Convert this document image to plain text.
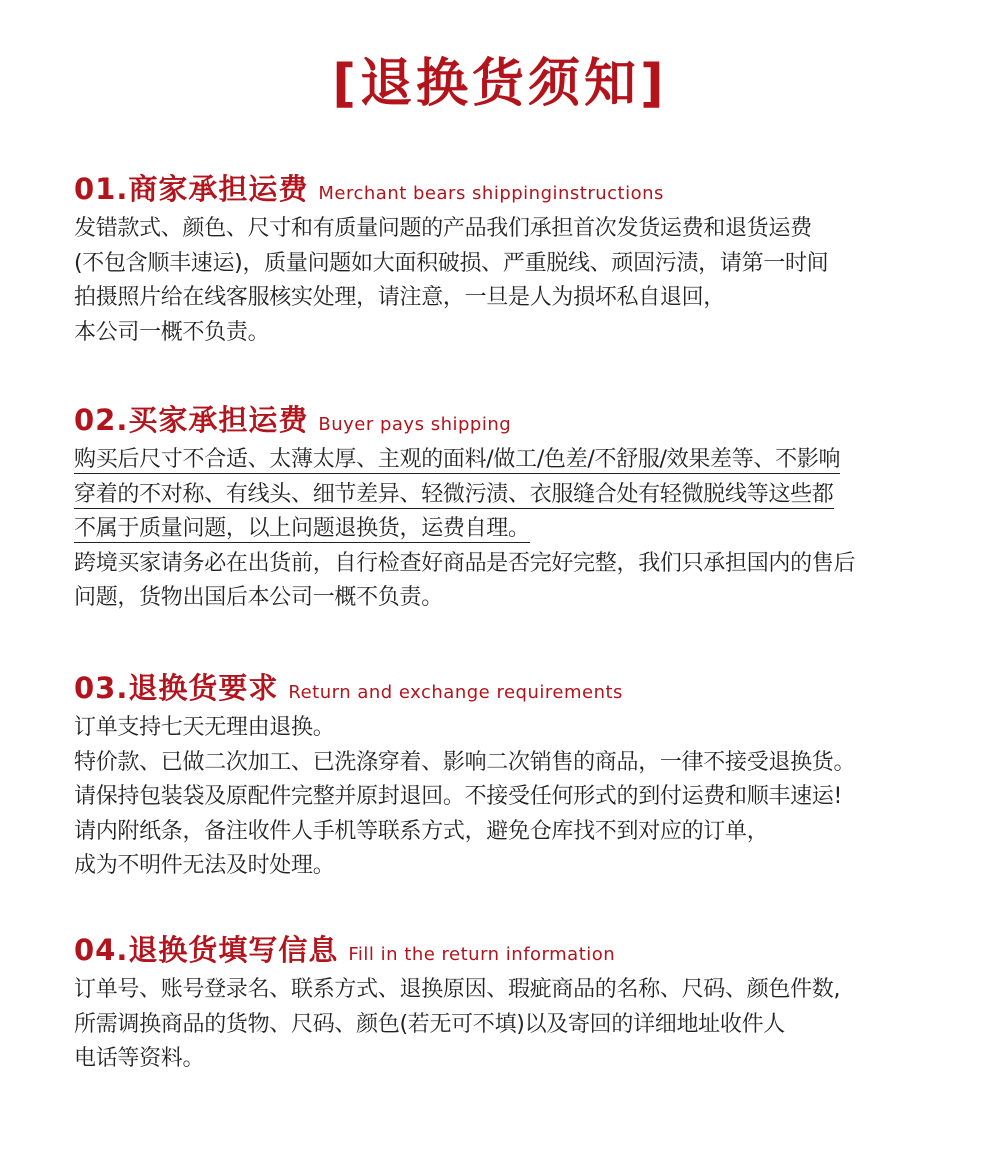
[退换货须知]
01.商家承担运费 Merchant bears shippinginstructions
发错款式、颜色、尺寸和有质量问题的产品我们承担首次发货运费和退货运费
(不包含顺丰速运)，质量问题如大面积破损、严重脱线、顽固污渍，请第一时间
拍摄照片给在线客服核实处理，请注意，一旦是人为损坏私自退回，
本公司一概不负责。
02.买家承担运费 Buyer pays shipping
购买后尺寸不合适、太薄太厚、主观的面料/做工/色差/不舒服/效果差等、不影响
穿着的不对称、有线头、细节差异、轻微污渍、衣服缝合处有轻微脱线等这些都
不属于质量问题，以上问题退换货，运费自理。
跨境买家请务必在出货前，自行检查好商品是否完好完整，我们只承担国内的售后
问题，货物出国后本公司一概不负责。
03.退换货要求 Return and exchange requirements
订单支持七天无理由退换。
特价款、已做二次加工、已洗涤穿着、影响二次销售的商品，一律不接受退换货。
请保持包装袋及原配件完整并原封退回。不接受任何形式的到付运费和顺丰速运!
请内附纸条，备注收件人手机等联系方式，避免仓库找不到对应的订单，
成为不明件无法及时处理。
04.退换货填写信息 Fill in the return information
订单号、账号登录名、联系方式、退换原因、瑕疵商品的名称、尺码、颜色件数,
所需调换商品的货物、尺码、颜色(若无可不填)以及寄回的详细地址收件人
电话等资料。
